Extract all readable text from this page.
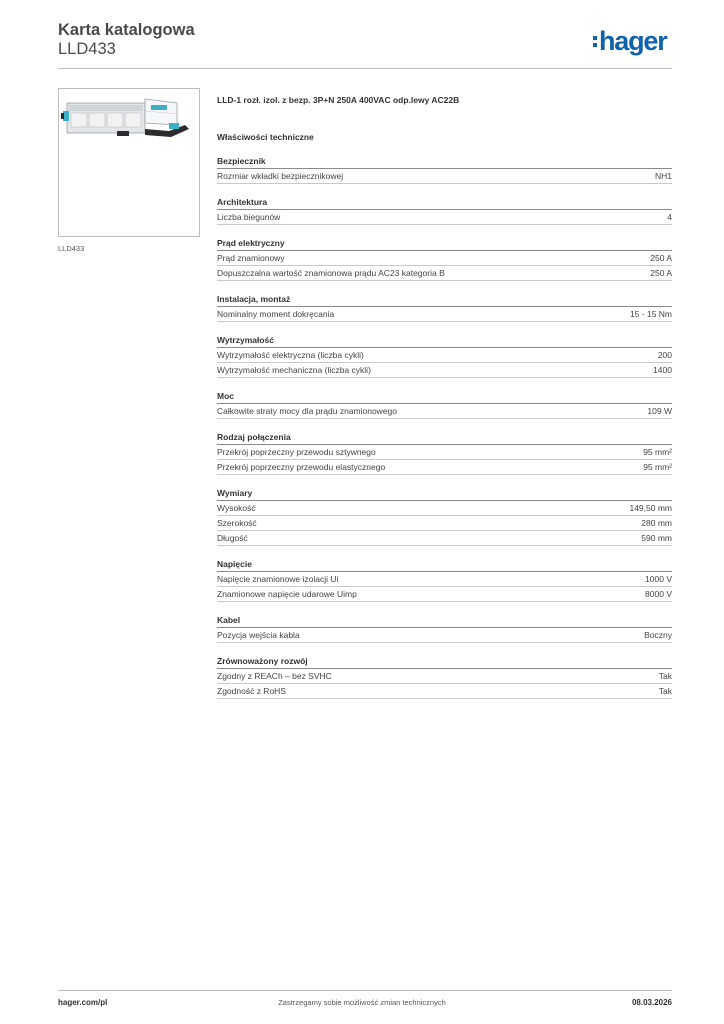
Karta katalogowa
LLD433	hager
LLD433
LLD-1 rozł. izol. z bezp. 3P+N 250A 400VAC odp.lewy AC22B
Właściwości techniczne
Bezpiecznik
Rozmiar wkładki bezpiecznikowej	NH1
Architektura
Liczba biegunów	4
Prąd elektryczny
Prąd znamionowy	250 A
Dopuszczalna wartość znamionowa prądu AC23 kategoria B	250 A
Instalacja, montaż
Nominalny moment dokręcania	15 - 15 Nm
Wytrzymałość
Wytrzymałość elektryczna (liczba cykli)	200
Wytrzymałość mechaniczna (liczba cykli)	1400
Moc
Całkowite straty mocy dla prądu znamionowego	109 W
Rodzaj połączenia
Przekrój poprzeczny przewodu sztywnego	95 mm²
Przekrój poprzeczny przewodu elastycznego	95 mm²
Wymiary
Wysokość	149,50 mm
Szerokość	280 mm
Długość	590 mm
Napięcie
Napięcie znamionowe izolacji Ui	1000 V
Znamionowe napięcie udarowe Uimp	8000 V
Kabel
Pozycja wejścia kabla	Boczny
Zrównoważony rozwój
Zgodny z REACh – bez SVHC	Tak
Zgodność z RoHS	Tak
hager.com/pl	Zastrzegamy sobie możliwość zmian technicznych	08.03.2026
